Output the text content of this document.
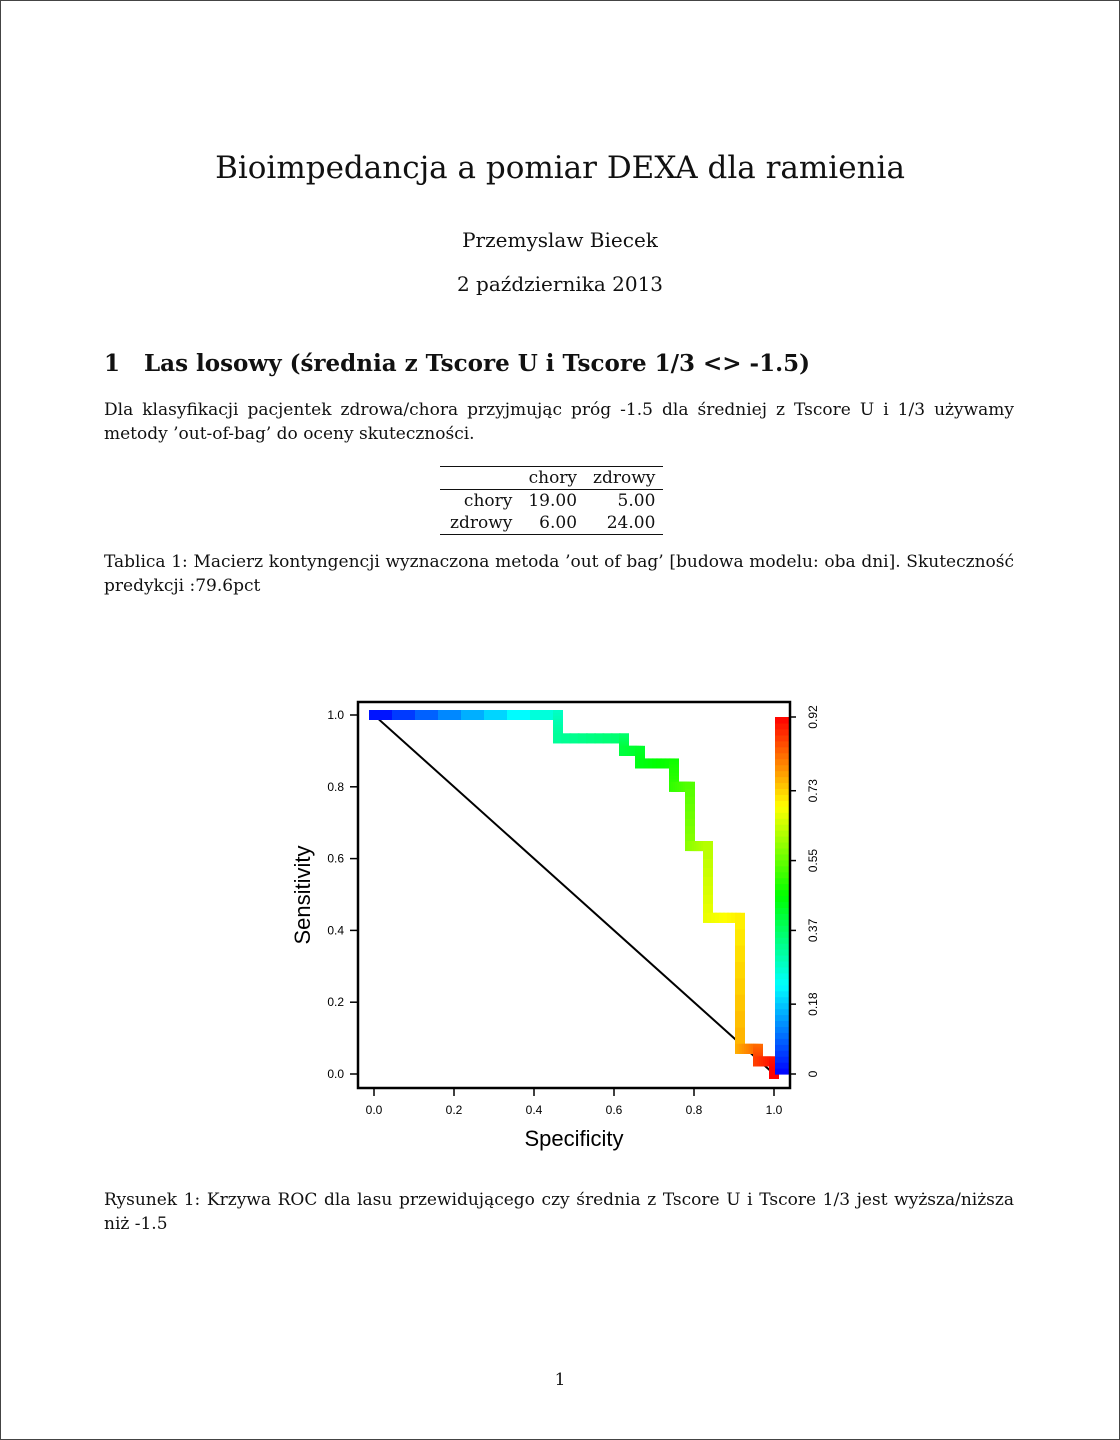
Bioimpedancja a pomiar DEXA dla ramienia
Przemyslaw Biecek
2 października 2013
1 Las losowy (średnia z Tscore U i Tscore 1/3 <> -1.5)
Dla klasyfikacji pacjentek zdrowa/chora przyjmując próg -1.5 dla średniej z Tscore U i 1/3 używamy metody ’out-of-bag’ do oceny skuteczności.
	chory	zdrowy
chory	19.00	5.00
zdrowy	6.00	24.00
Tablica 1: Macierz kontyngencji wyznaczona metoda ’out of bag’ [budowa modelu: oba dni]. Skuteczność predykcji :79.6pct
0.0	0.2	0.4	0.6	0.8	1.0
0.0
0.2
0.4
0.6
0.8
1.0
0
0.18
0.37
0.55
0.73
0.92
Specificity
Sensitivity
Rysunek 1: Krzywa ROC dla lasu przewidującego czy średnia z Tscore U i Tscore 1/3 jest wyższa/niższa niż -1.5
1
